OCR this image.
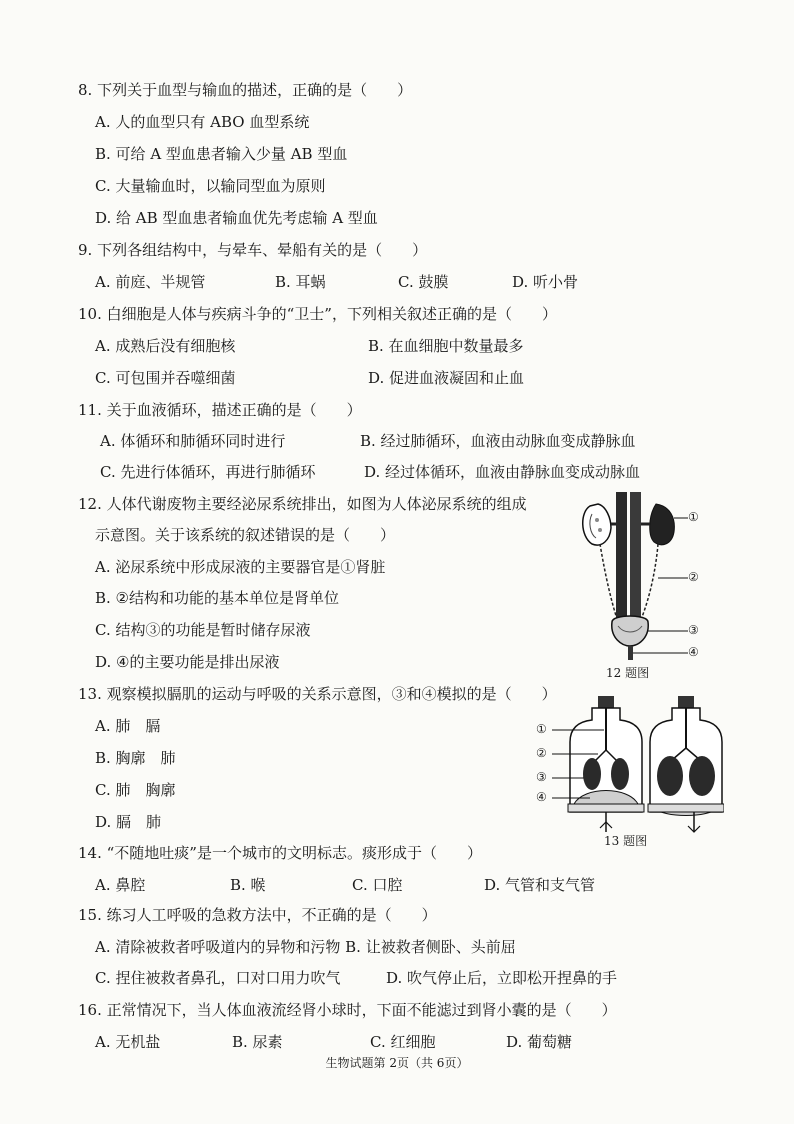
8. 下列关于血型与输血的描述，正确的是（　　）
A. 人的血型只有 ABO 血型系统
B. 可给 A 型血患者输入少量 AB 型血
C. 大量输血时，以输同型血为原则
D. 给 AB 型血患者输血优先考虑输 A 型血
9. 下列各组结构中，与晕车、晕船有关的是（　　）
A. 前庭、半规管	B. 耳蜗	C. 鼓膜	D. 听小骨
10. 白细胞是人体与疾病斗争的“卫士”，下列相关叙述正确的是（　　）
A. 成熟后没有细胞核	B. 在血细胞中数量最多
C. 可包围并吞噬细菌	D. 促进血液凝固和止血
11. 关于血液循环，描述正确的是（　　）
A. 体循环和肺循环同时进行	B. 经过肺循环，血液由动脉血变成静脉血
C. 先进行体循环，再进行肺循环	D. 经过体循环，血液由静脉血变成动脉血
12. 人体代谢废物主要经泌尿系统排出，如图为人体泌尿系统的组成
示意图。关于该系统的叙述错误的是（　　）
A. 泌尿系统中形成尿液的主要器官是①肾脏
B. ②结构和功能的基本单位是肾单位
C. 结构③的功能是暂时储存尿液
D. ④的主要功能是排出尿液
①
②
③
④
12 题图
13. 观察模拟膈肌的运动与呼吸的关系示意图，③和④模拟的是（　　）
A. 肺　膈
B. 胸廓　肺
C. 肺　胸廓
D. 膈　肺
①
②
③
④
13 题图
14. “不随地吐痰”是一个城市的文明标志。痰形成于（　　）
A. 鼻腔	B. 喉	C. 口腔	D. 气管和支气管
15. 练习人工呼吸的急救方法中，不正确的是（　　）
A. 清除被救者呼吸道内的异物和污物 B. 让被救者侧卧、头前屈
C. 捏住被救者鼻孔，口对口用力吹气	D. 吹气停止后，立即松开捏鼻的手
16. 正常情况下，当人体血液流经肾小球时，下面不能滤过到肾小囊的是（　　）
A. 无机盐	B. 尿素	C. 红细胞	D. 葡萄糖
生物试题第 2页（共 6页）
